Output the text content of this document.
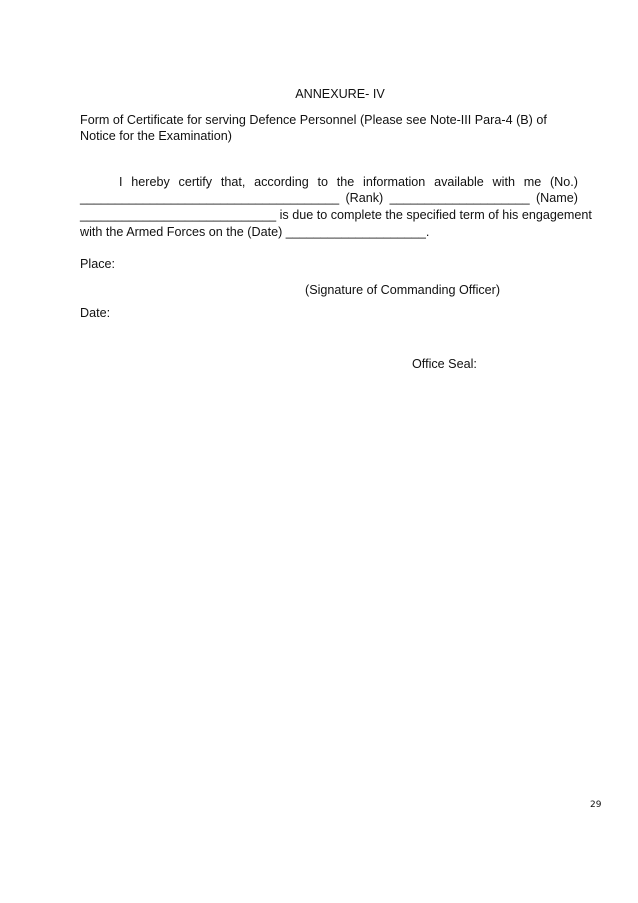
ANNEXURE- IV
Form of Certificate for serving Defence Personnel (Please see Note-III Para-4 (B) of Notice for the Examination)
I hereby certify that, according to the information available with me (No.)
_____________________________________ (Rank) ____________________ (Name)
____________________________ is due to complete the specified term of his engagement
with the Armed Forces on the (Date) ____________________.
Place:
(Signature of Commanding Officer)
Date:
Office Seal:
29
